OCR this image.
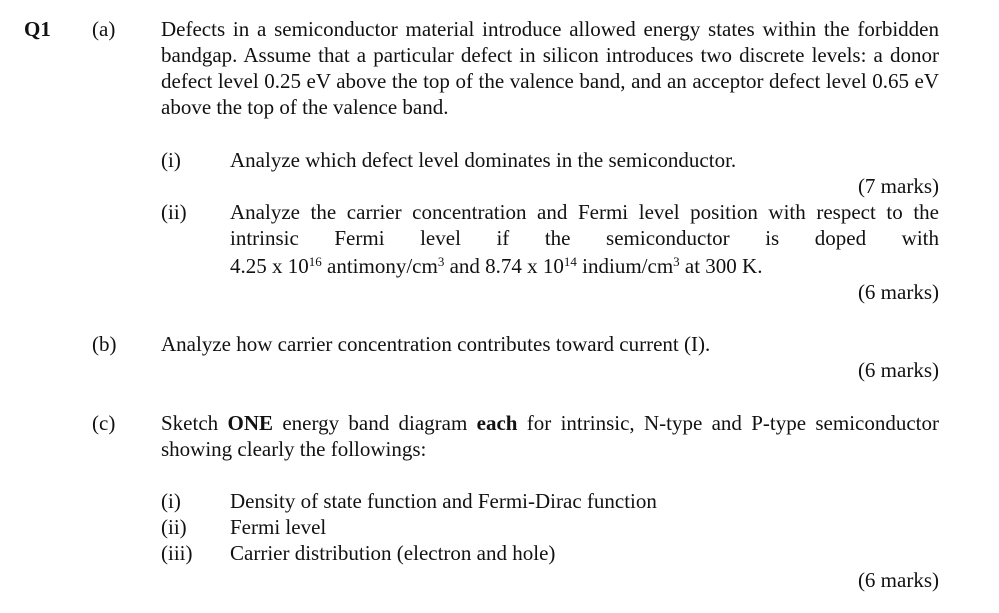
Q1 (a) Defects in a semiconductor material introduce allowed energy states within the forbidden bandgap. Assume that a particular defect in silicon introduces two discrete levels: a donor defect level 0.25 eV above the top of the valence band, and an acceptor defect level 0.65 eV above the top of the valence band.
(i) Analyze which defect level dominates in the semiconductor.
(7 marks)
(ii) Analyze the carrier concentration and Fermi level position with respect to the
intrinsic Fermi level if the semiconductor is doped with
4.25 x $10^{16}$ antimony/$cm^3$ and 8.74 x $10^{14}$ indium/$cm^3$ at 300 K.
(6 marks)
(b) Analyze how carrier concentration contributes toward current (I).
(6 marks)
(c) Sketch ONE energy band diagram each for intrinsic, N-type and P-type semiconductor showing clearly the followings:
(i) Density of state function and Fermi-Dirac function
(ii) Fermi level
(iii) Carrier distribution (electron and hole)
(6 marks)
